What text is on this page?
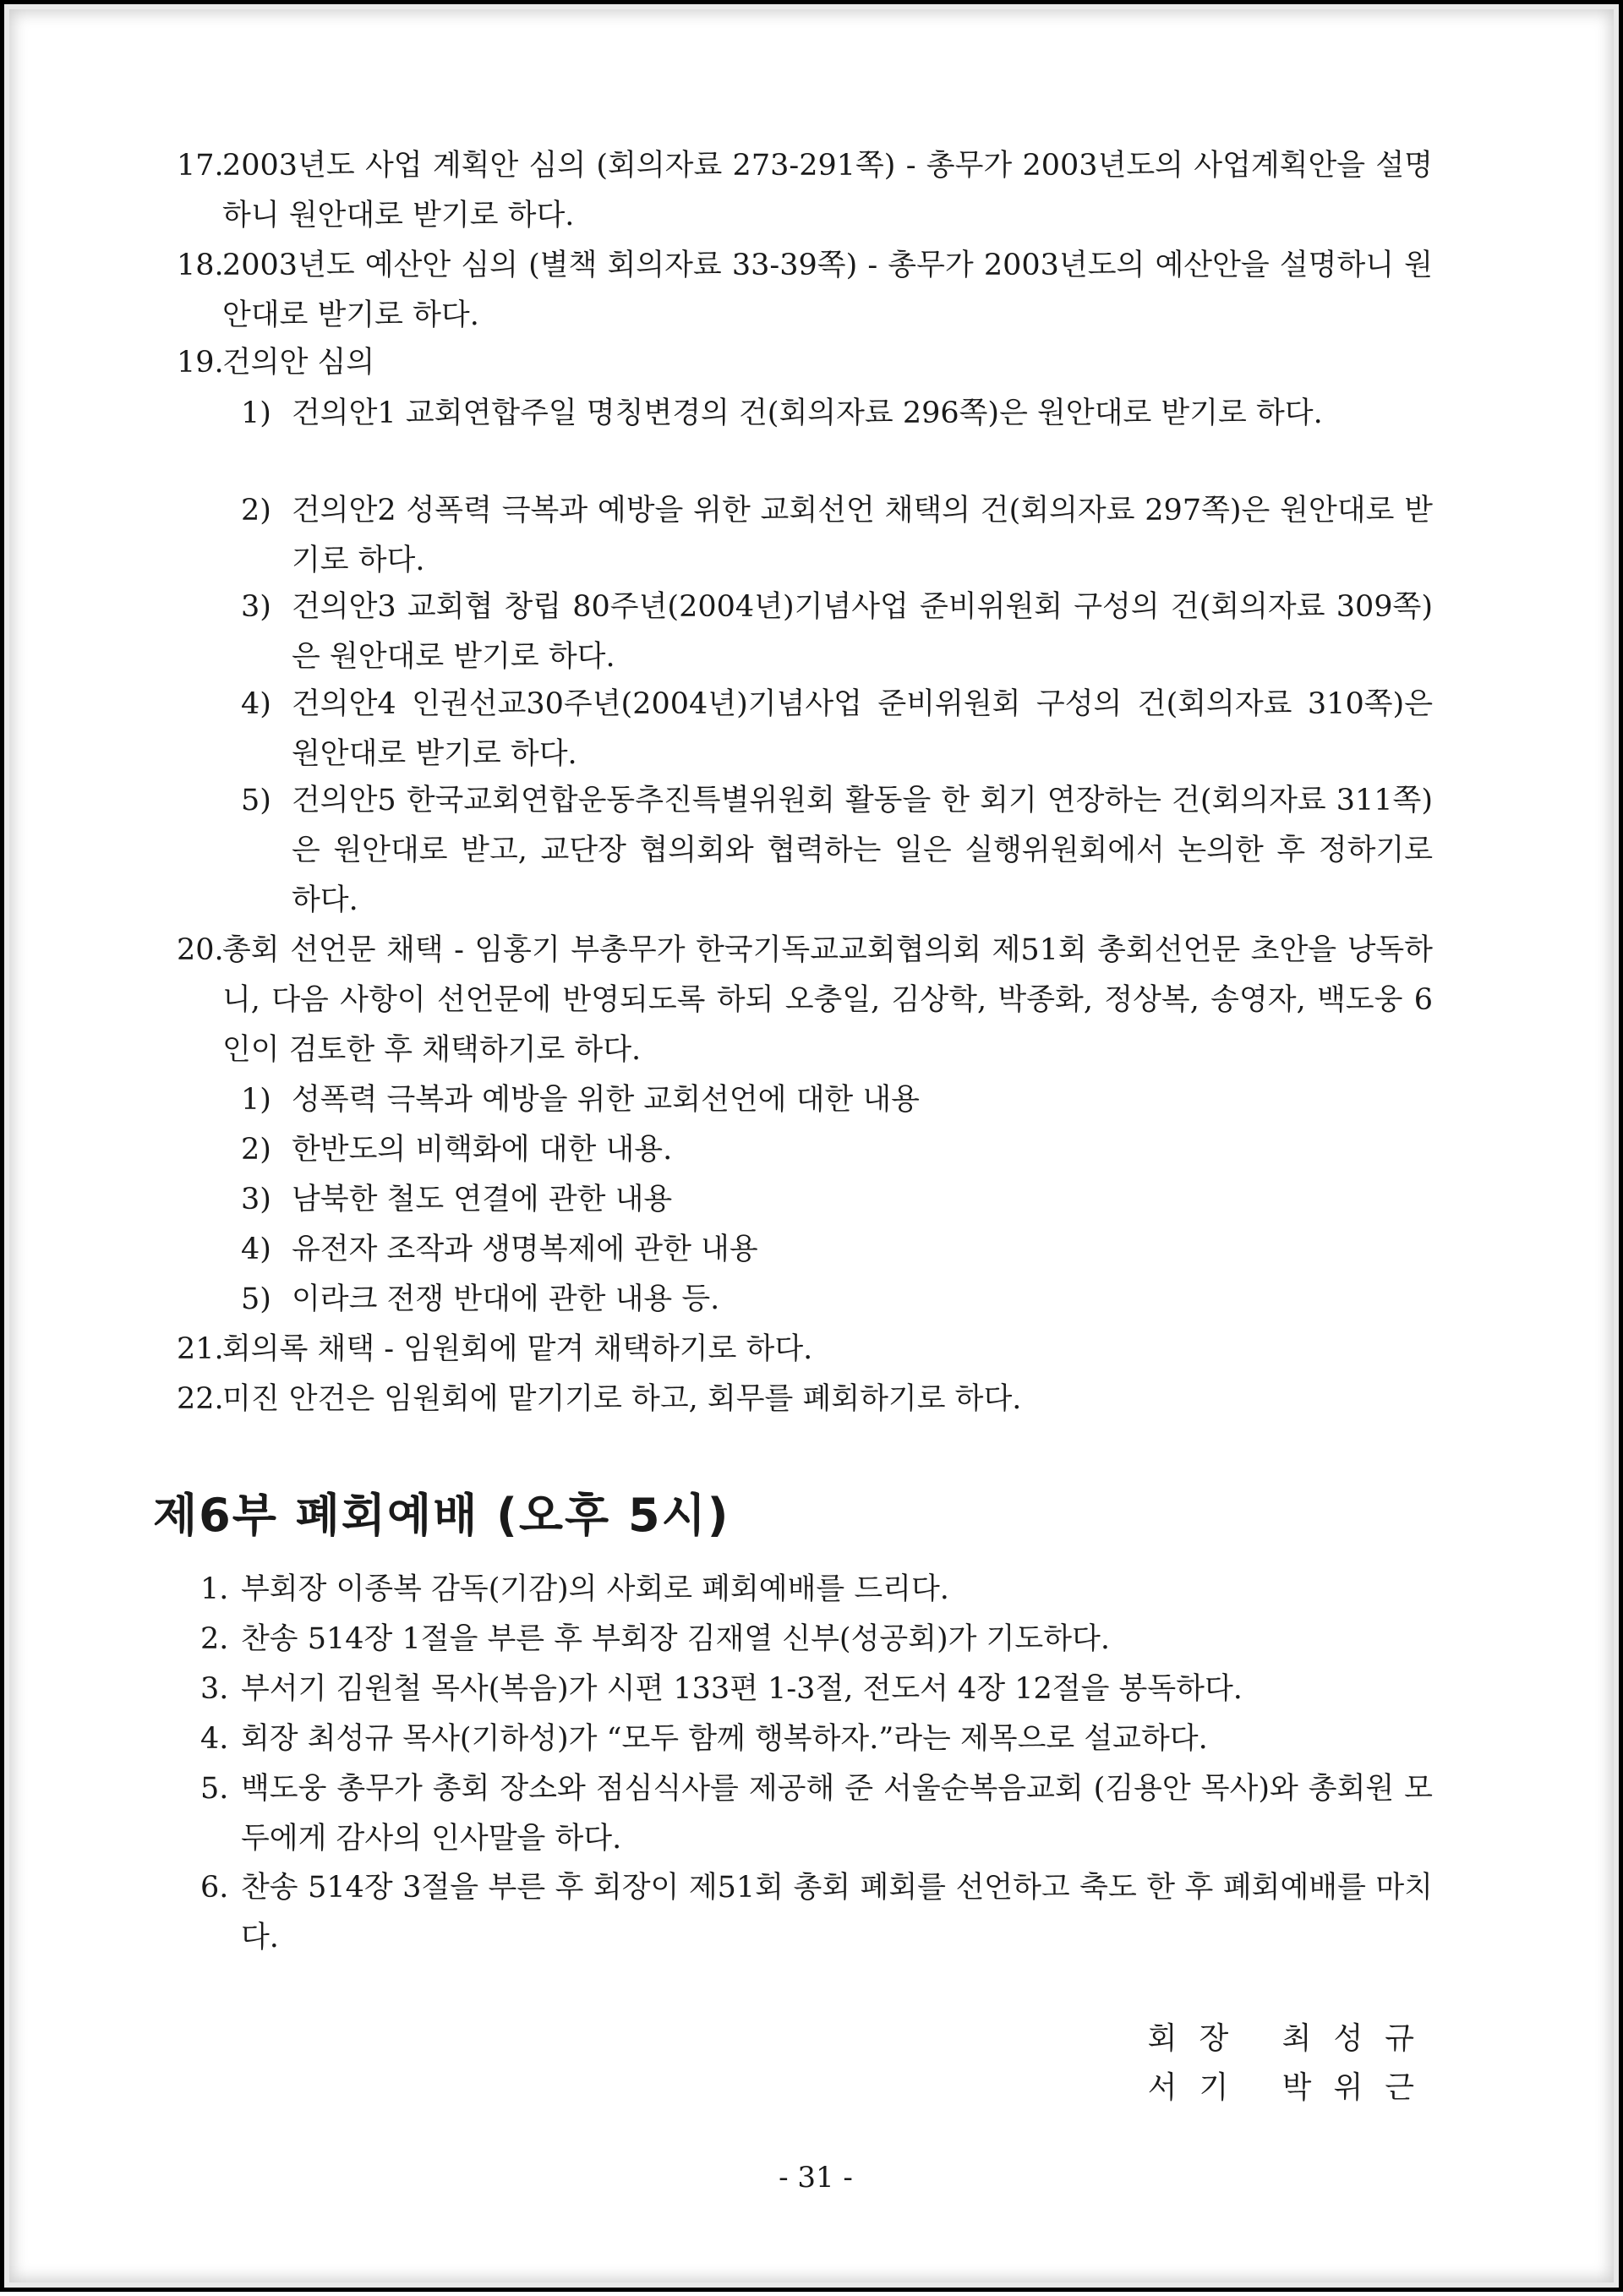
17.
2003년도 사업 계획안 심의 (회의자료 273-291쪽) - 총무가 2003년도의 사업계획안을 설명하니 원안대로 받기로 하다.
18.
2003년도 예산안 심의 (별책 회의자료 33-39쪽) - 총무가 2003년도의 예산안을 설명하니 원안대로 받기로 하다.
19.
건의안 심의
1) 건의안1 교회연합주일 명칭변경의 건(회의자료 296쪽)은 원안대로 받기로 하다.
2) 건의안2 성폭력 극복과 예방을 위한 교회선언 채택의 건(회의자료 297쪽)은 원안대로 받기로 하다.
3) 건의안3 교회협 창립 80주년(2004년)기념사업 준비위원회 구성의 건(회의자료 309쪽)은 원안대로 받기로 하다.
4) 건의안4 인권선교30주년(2004년)기념사업 준비위원회 구성의 건(회의자료 310쪽)은 원안대로 받기로 하다.
5) 건의안5 한국교회연합운동추진특별위원회 활동을 한 회기 연장하는 건(회의자료 311쪽)은 원안대로 받고, 교단장 협의회와 협력하는 일은 실행위원회에서 논의한 후 정하기로 하다.
20.
총회 선언문 채택 - 임홍기 부총무가 한국기독교교회협의회 제51회 총회선언문 초안을 낭독하니, 다음 사항이 선언문에 반영되도록 하되 오충일, 김상학, 박종화, 정상복, 송영자, 백도웅 6인이 검토한 후 채택하기로 하다.
1) 성폭력 극복과 예방을 위한 교회선언에 대한 내용
2) 한반도의 비핵화에 대한 내용.
3) 남북한 철도 연결에 관한 내용
4) 유전자 조작과 생명복제에 관한 내용
5) 이라크 전쟁 반대에 관한 내용 등.
21.
회의록 채택 - 임원회에 맡겨 채택하기로 하다.
22.
미진 안건은 임원회에 맡기기로 하고, 회무를 폐회하기로 하다.
제6부 폐회예배 (오후 5시)
1. 부회장 이종복 감독(기감)의 사회로 폐회예배를 드리다.
2. 찬송 514장 1절을 부른 후 부회장 김재열 신부(성공회)가 기도하다.
3. 부서기 김원철 목사(복음)가 시편 133편 1-3절, 전도서 4장 12절을 봉독하다.
4. 회장 최성규 목사(기하성)가 “모두 함께 행복하자.”라는 제목으로 설교하다.
5. 백도웅 총무가 총회 장소와 점심식사를 제공해 준 서울순복음교회 (김용안 목사)와 총회원 모두에게 감사의 인사말을 하다.
6. 찬송 514장 3절을 부른 후 회장이 제51회 총회 폐회를 선언하고 축도 한 후 폐회예배를 마치다.
회장 최성규
서기 박위근
- 31 -
